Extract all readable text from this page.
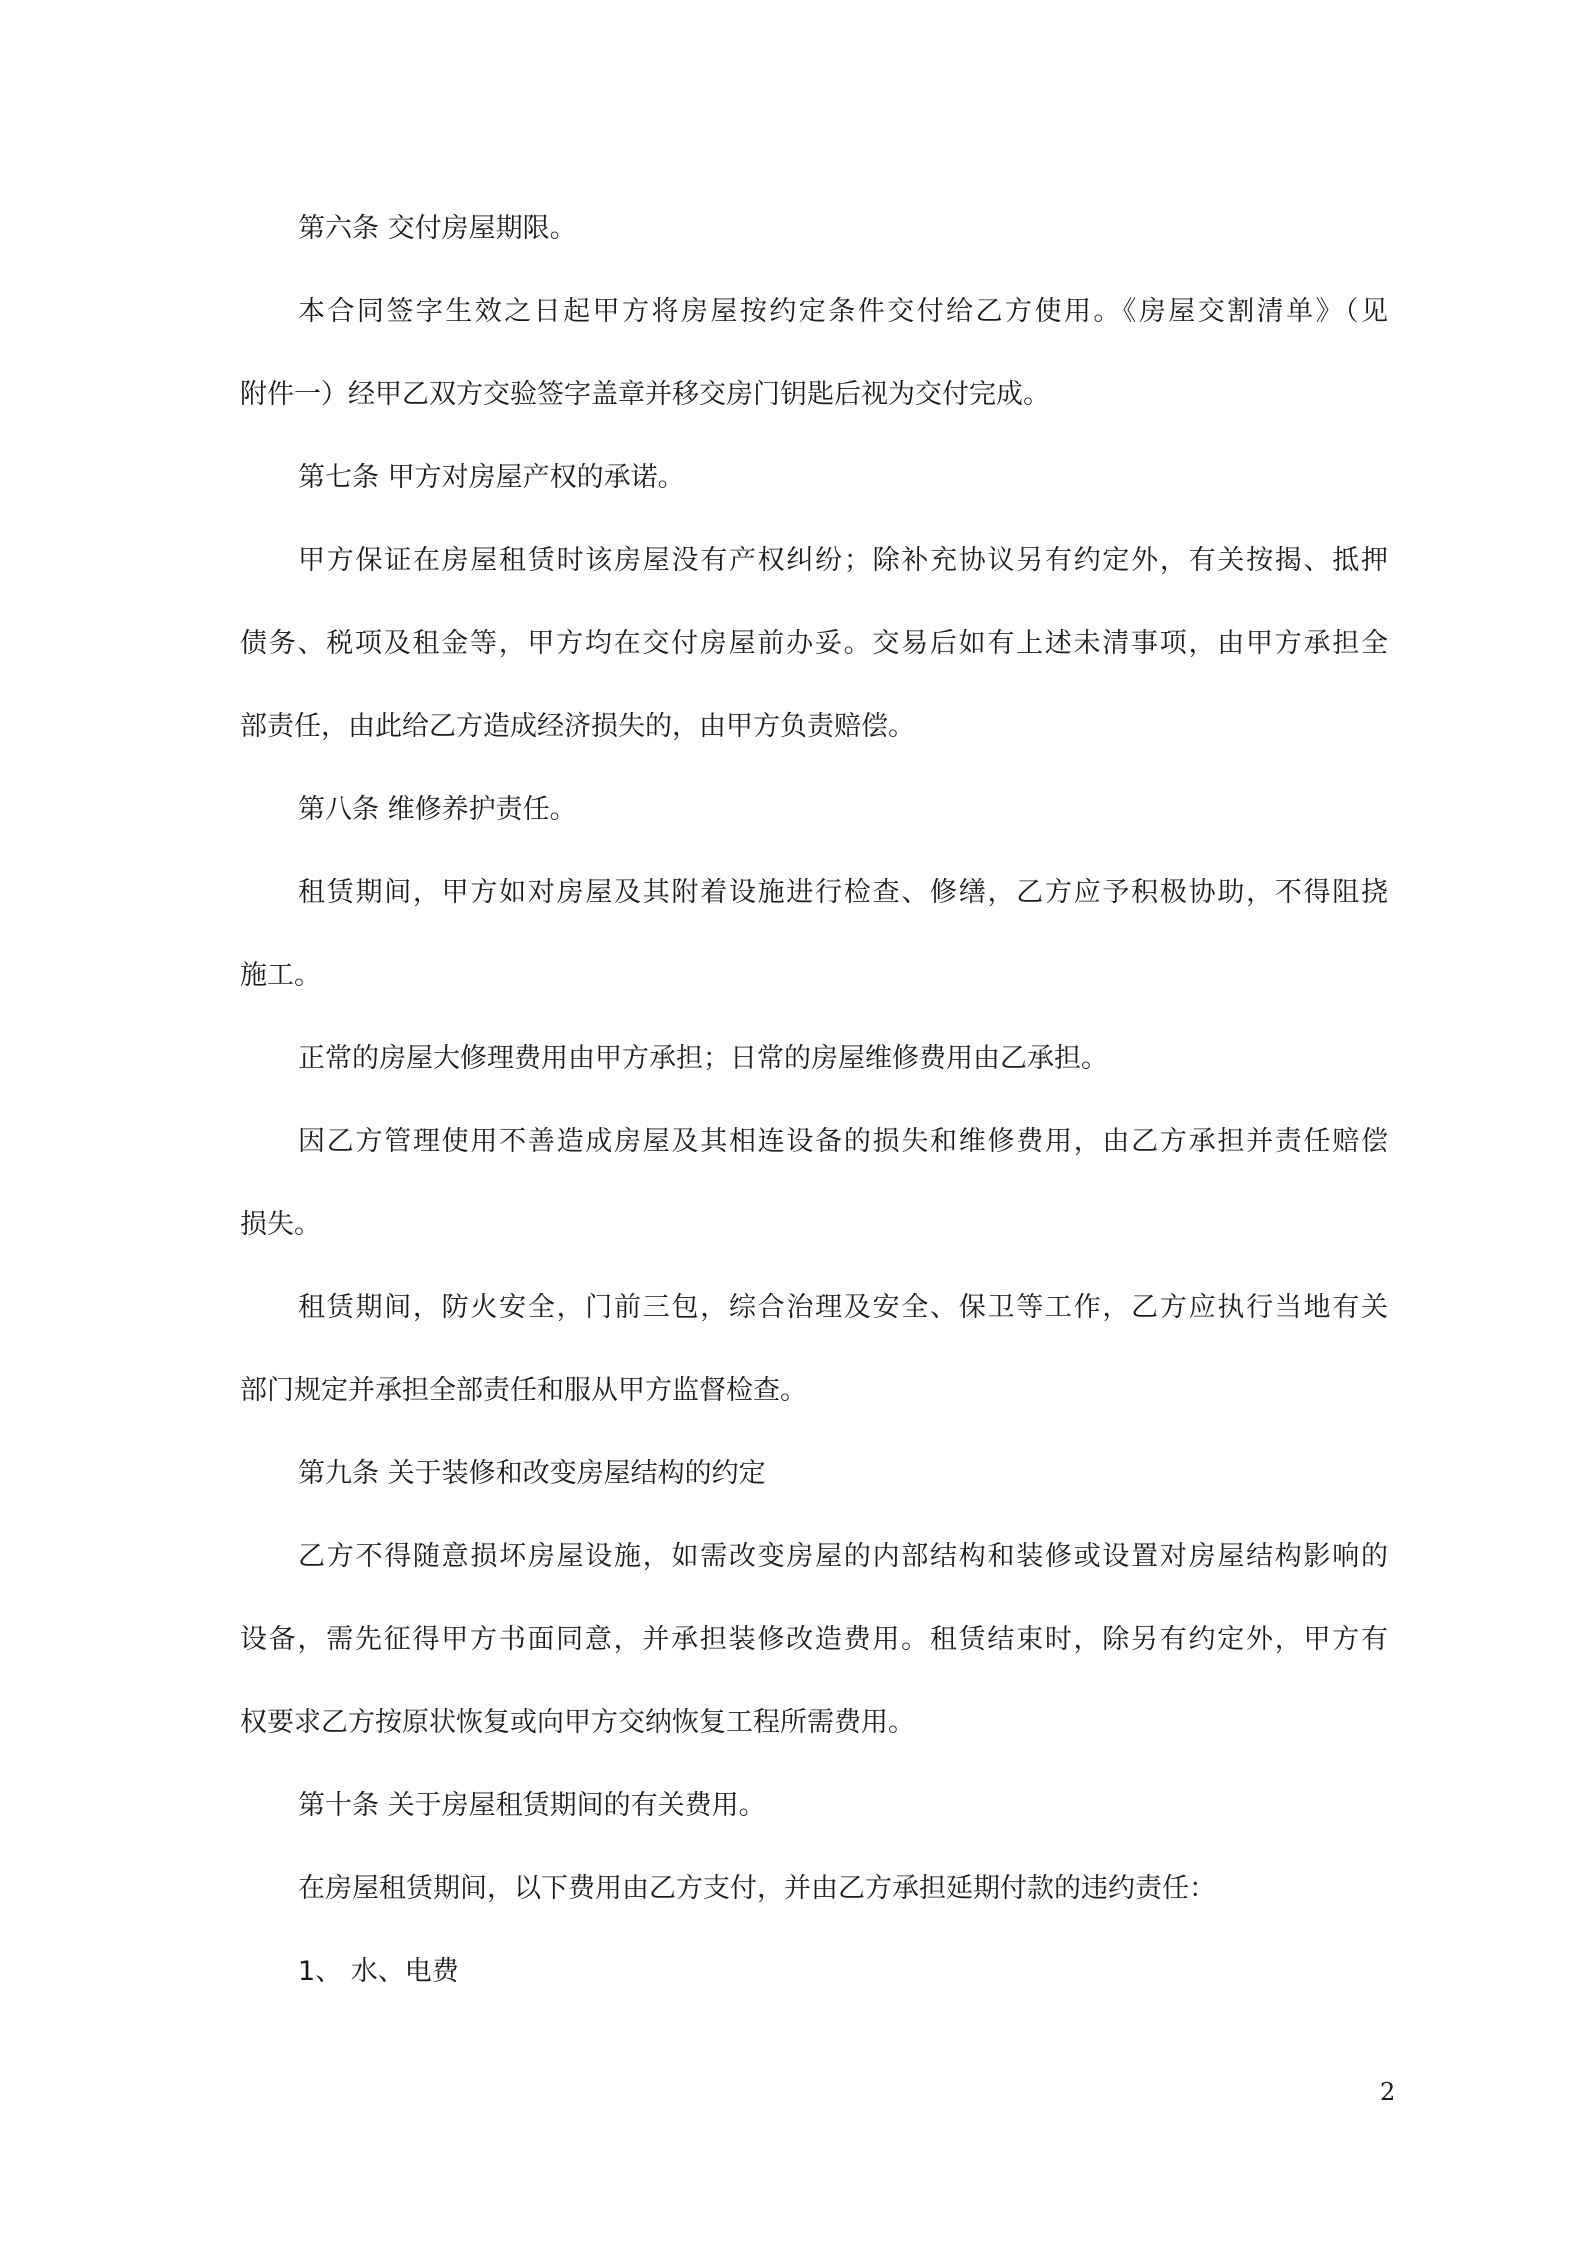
第六条 交付房屋期限。
本合同签字生效之日起甲方将房屋按约定条件交付给乙方使用。《房屋交割清单》（见
附件一）经甲乙双方交验签字盖章并移交房门钥匙后视为交付完成。
第七条 甲方对房屋产权的承诺。
甲方保证在房屋租赁时该房屋没有产权纠纷；除补充协议另有约定外，有关按揭、抵押
债务、税项及租金等，甲方均在交付房屋前办妥。交易后如有上述未清事项，由甲方承担全
部责任，由此给乙方造成经济损失的，由甲方负责赔偿。
第八条 维修养护责任。
租赁期间，甲方如对房屋及其附着设施进行检查、修缮，乙方应予积极协助，不得阻挠
施工。
正常的房屋大修理费用由甲方承担；日常的房屋维修费用由乙承担。
因乙方管理使用不善造成房屋及其相连设备的损失和维修费用，由乙方承担并责任赔偿
损失。
租赁期间，防火安全，门前三包，综合治理及安全、保卫等工作，乙方应执行当地有关
部门规定并承担全部责任和服从甲方监督检查。
第九条 关于装修和改变房屋结构的约定
乙方不得随意损坏房屋设施，如需改变房屋的内部结构和装修或设置对房屋结构影响的
设备，需先征得甲方书面同意，并承担装修改造费用。租赁结束时，除另有约定外，甲方有
权要求乙方按原状恢复或向甲方交纳恢复工程所需费用。
第十条 关于房屋租赁期间的有关费用。
在房屋租赁期间，以下费用由乙方支付，并由乙方承担延期付款的违约责任：
1、 水、电费
2
